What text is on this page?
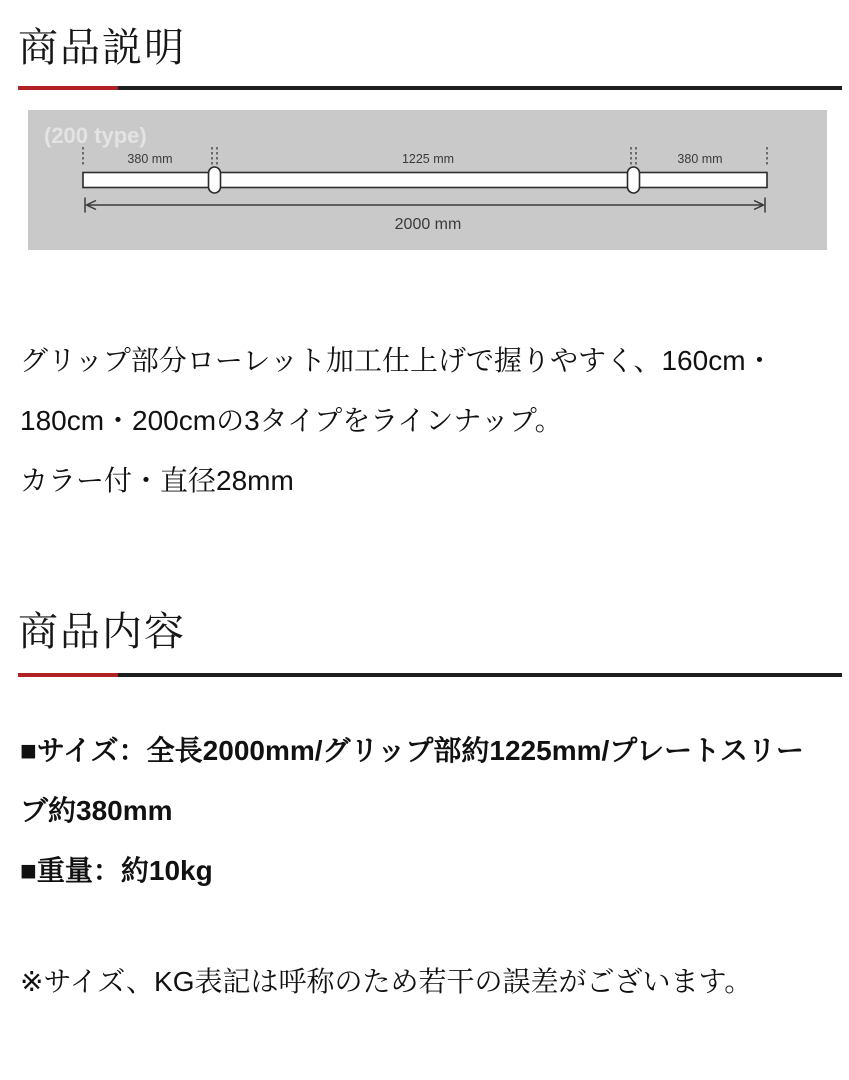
商品説明
(200 type)
380 mm	1225 mm	380 mm
2000 mm
グリップ部分ローレット加工仕上げで握りやすく、160cm・
180cm・200cmの3タイプをラインナップ。
カラー付・直径28mm
商品内容
■サイズ：全長2000mm/グリップ部約1225mm/プレートスリー
ブ約380mm
■重量：約10kg
※サイズ、KG表記は呼称のため若干の誤差がございます。
